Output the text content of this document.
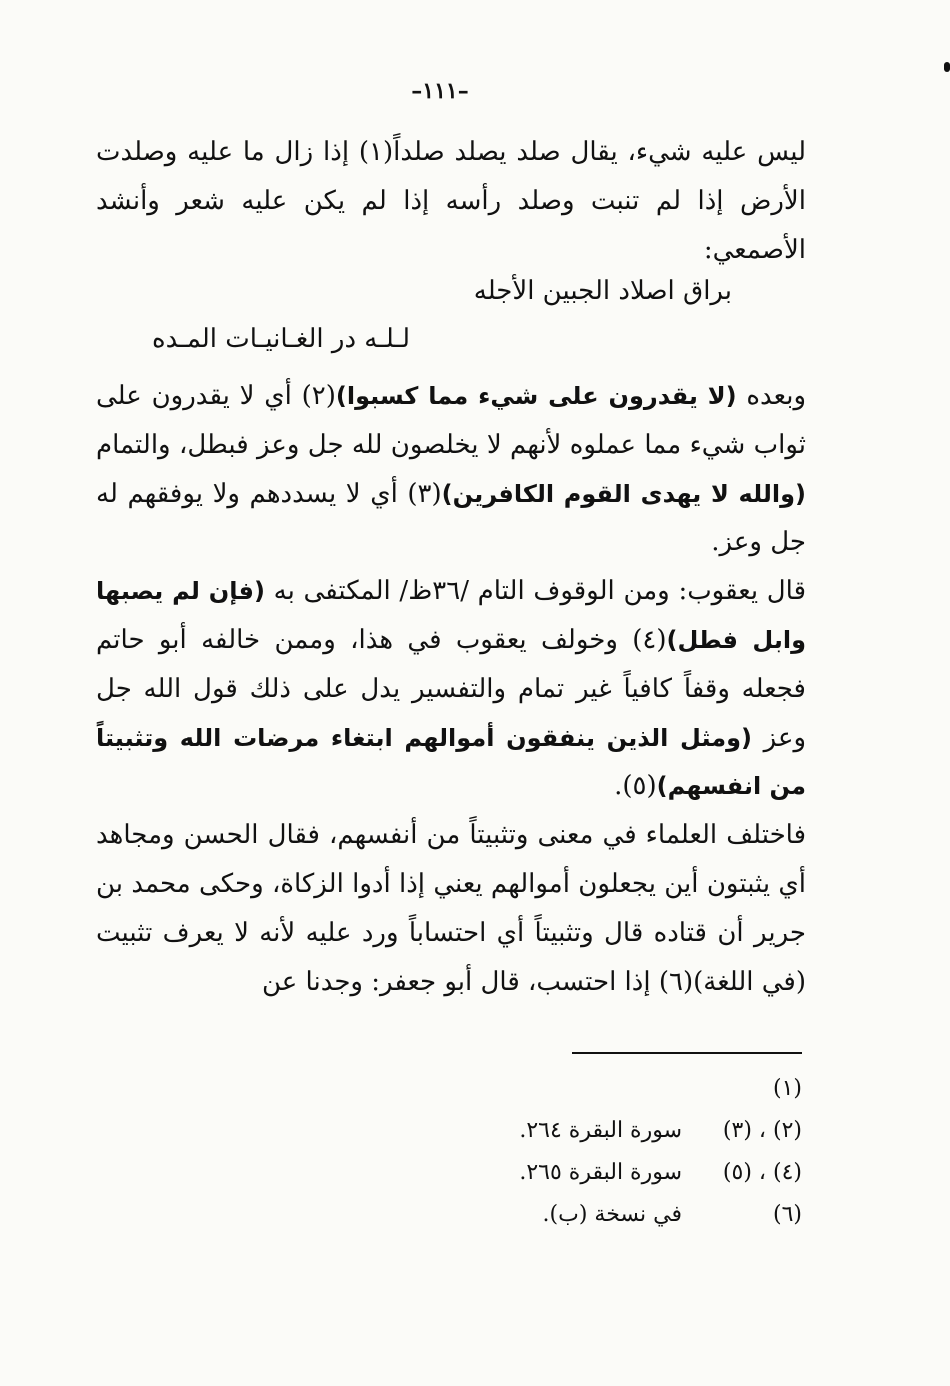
–١١١–

ليس عليه شيء، يقال صلد يصلد صلداً(١) إذا زال ما عليه وصلدت الأرض إذا لم تنبت وصلد رأسه إذا لم يكن عليه شعر وأنشد الأصمعي:

وبعده (لا يقدرون على شيء مما كسبوا)(٢) أي لا يقدرون على ثواب شيء مما عملوه لأنهم لا يخلصون لله جل وعز فبطل، والتمام (والله لا يهدى القوم الكافرين)(٣) أي لا يسددهم ولا يوفقهم له جل وعز.

قال يعقوب: ومن الوقوف التام /٣٦ظ/ المكتفى به (فإن لم يصبها وابل فطل)(٤) وخولف يعقوب في هذا، وممن خالفه أبو حاتم فجعله وقفاً كافياً غير تمام والتفسير يدل على ذلك قول الله جل وعز (ومثل الذين ينفقون أموالهم ابتغاء مرضات الله وتثبيتاً من انفسهم)(٥).

فاختلف العلماء في معنى وتثبيتاً من أنفسهم، فقال الحسن ومجاهد أي يثبتون أين يجعلون أموالهم يعني إذا أدوا الزكاة، وحكى محمد بن جرير أن قتاده قال وتثبيتاً أي احتساباً ورد عليه لأنه لا يعرف تثبيت (في اللغة)(٦) إذا احتسب، قال أبو جعفر: وجدنا عن

براق اصلاد الجبين الأجله
لـلـه در الغـانيـات المـده
(١)
(٢) ، (٣)
سورة البقرة ٢٦٤.
(٤) ، (٥)
سورة البقرة ٢٦٥.
(٦)
في نسخة (ب).
